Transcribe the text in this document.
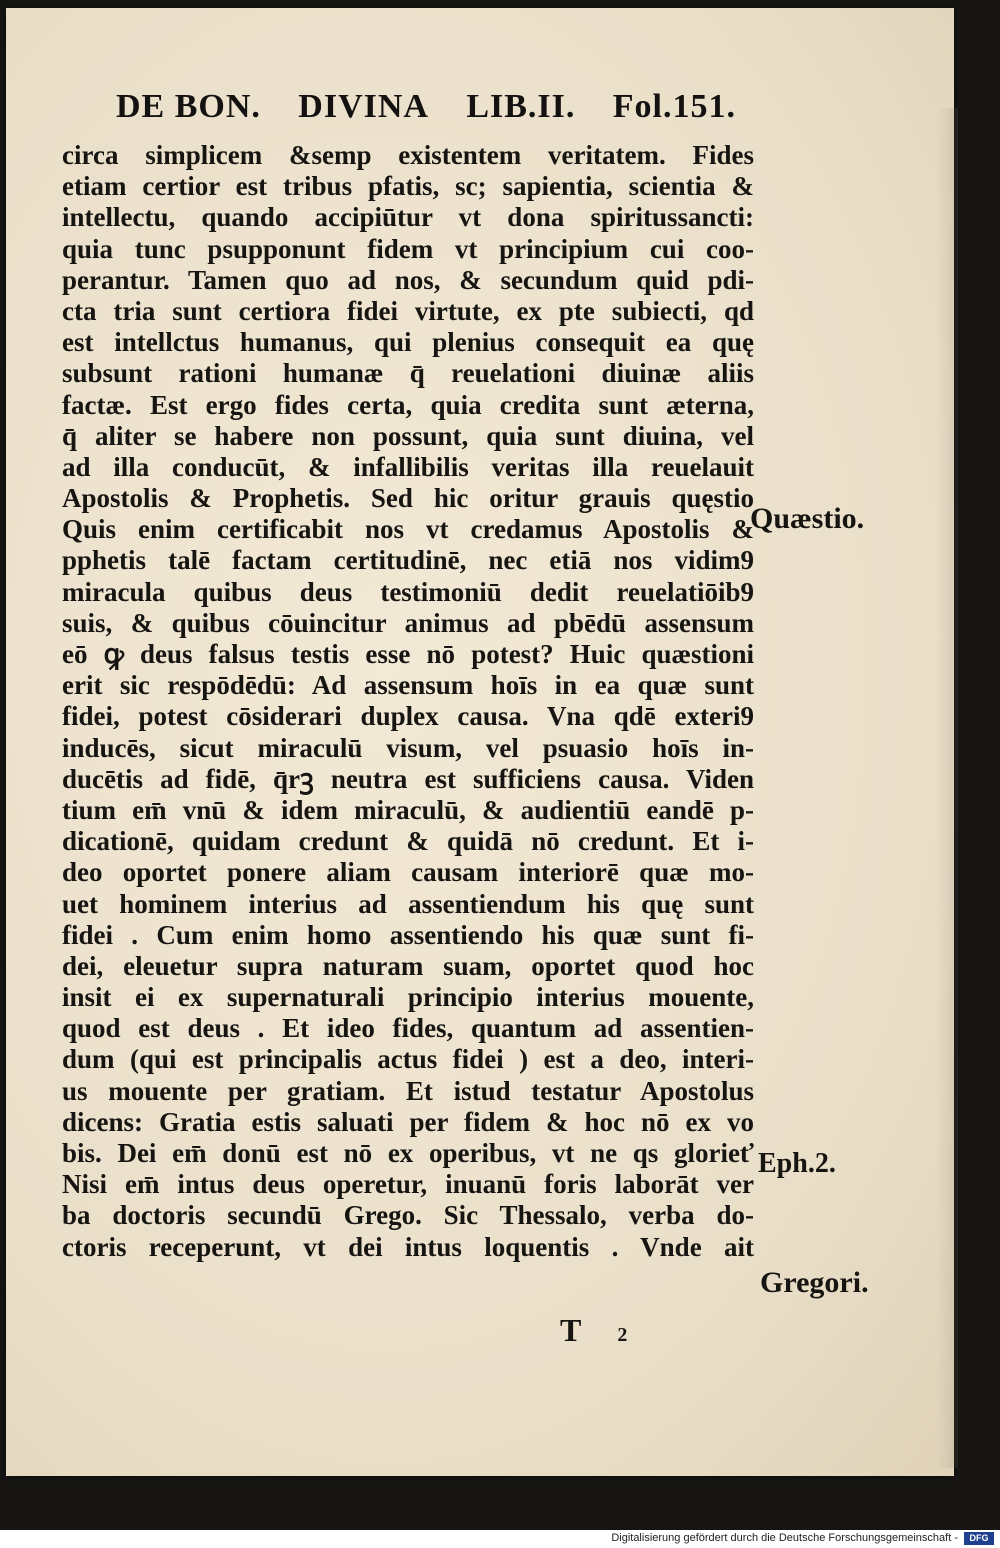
DE BON. DIVINA LIB.II. Fol.151.
circa simplicem &semp existentem veritatem. Fides
etiam certior est tribus pfatis, sc; sapientia, scientia &
intellectu, quando accipiūtur vt dona spiritussancti:
quia tunc psupponunt fidem vt principium cui coo-
perantur. Tamen quo ad nos, & secundum quid pdi-
cta tria sunt certiora fidei virtute, ex pte subiecti, qd
est intellctus humanus, qui plenius consequit ea quę
subsunt rationi humanæ q̄ reuelationi diuinæ aliis
factæ. Est ergo fides certa, quia credita sunt æterna,
q̄ aliter se habere non possunt, quia sunt diuina, vel
ad illa conducūt, & infallibilis veritas illa reuelauit
Apostolis & Prophetis. Sed hic oritur grauis quęstio
Quis enim certificabit nos vt credamus Apostolis &
pphetis talē factam certitudinē, nec etiā nos vidim9
miracula quibus deus testimoniū dedit reuelatiōib9
suis, & quibus cōuincitur animus ad pbēdū assensum
eō ꝙ deus falsus testis esse nō potest? Huic quæstioni
erit sic respōdēdū: Ad assensum hoīs in ea quæ sunt
fidei, potest cōsiderari duplex causa. Vna qdē exteri9
inducēs, sicut miraculū visum, vel psuasio hoīs in-
ducētis ad fidē, q̄rꝫ neutra est sufficiens causa. Viden
tium em̄ vnū & idem miraculū, & audientiū eandē p-
dicationē, quidam credunt & quidā nō credunt. Et i-
deo oportet ponere aliam causam interiorē quæ mo-
uet hominem interius ad assentiendum his quę sunt
fidei . Cum enim homo assentiendo his quæ sunt fi-
dei, eleuetur supra naturam suam, oportet quod hoc
insit ei ex supernaturali principio interius mouente,
quod est deus . Et ideo fides, quantum ad assentien-
dum (qui est principalis actus fidei ) est a deo, interi-
us mouente per gratiam. Et istud testatur Apostolus
dicens: Gratia estis saluati per fidem & hoc nō ex vo
bis. Dei em̄ donū est nō ex operibus, vt ne qs glorieť
Nisi em̄ intus deus operetur, inuanū foris laborāt ver
ba doctoris secundū Grego. Sic Thessalo, verba do-
ctoris receperunt, vt dei intus loquentis . Vnde ait
Quæstio.
Eph.2.
Gregori.
T 2
Digitalisierung gefördert durch die Deutsche Forschungsgemeinschaft -	DFG
